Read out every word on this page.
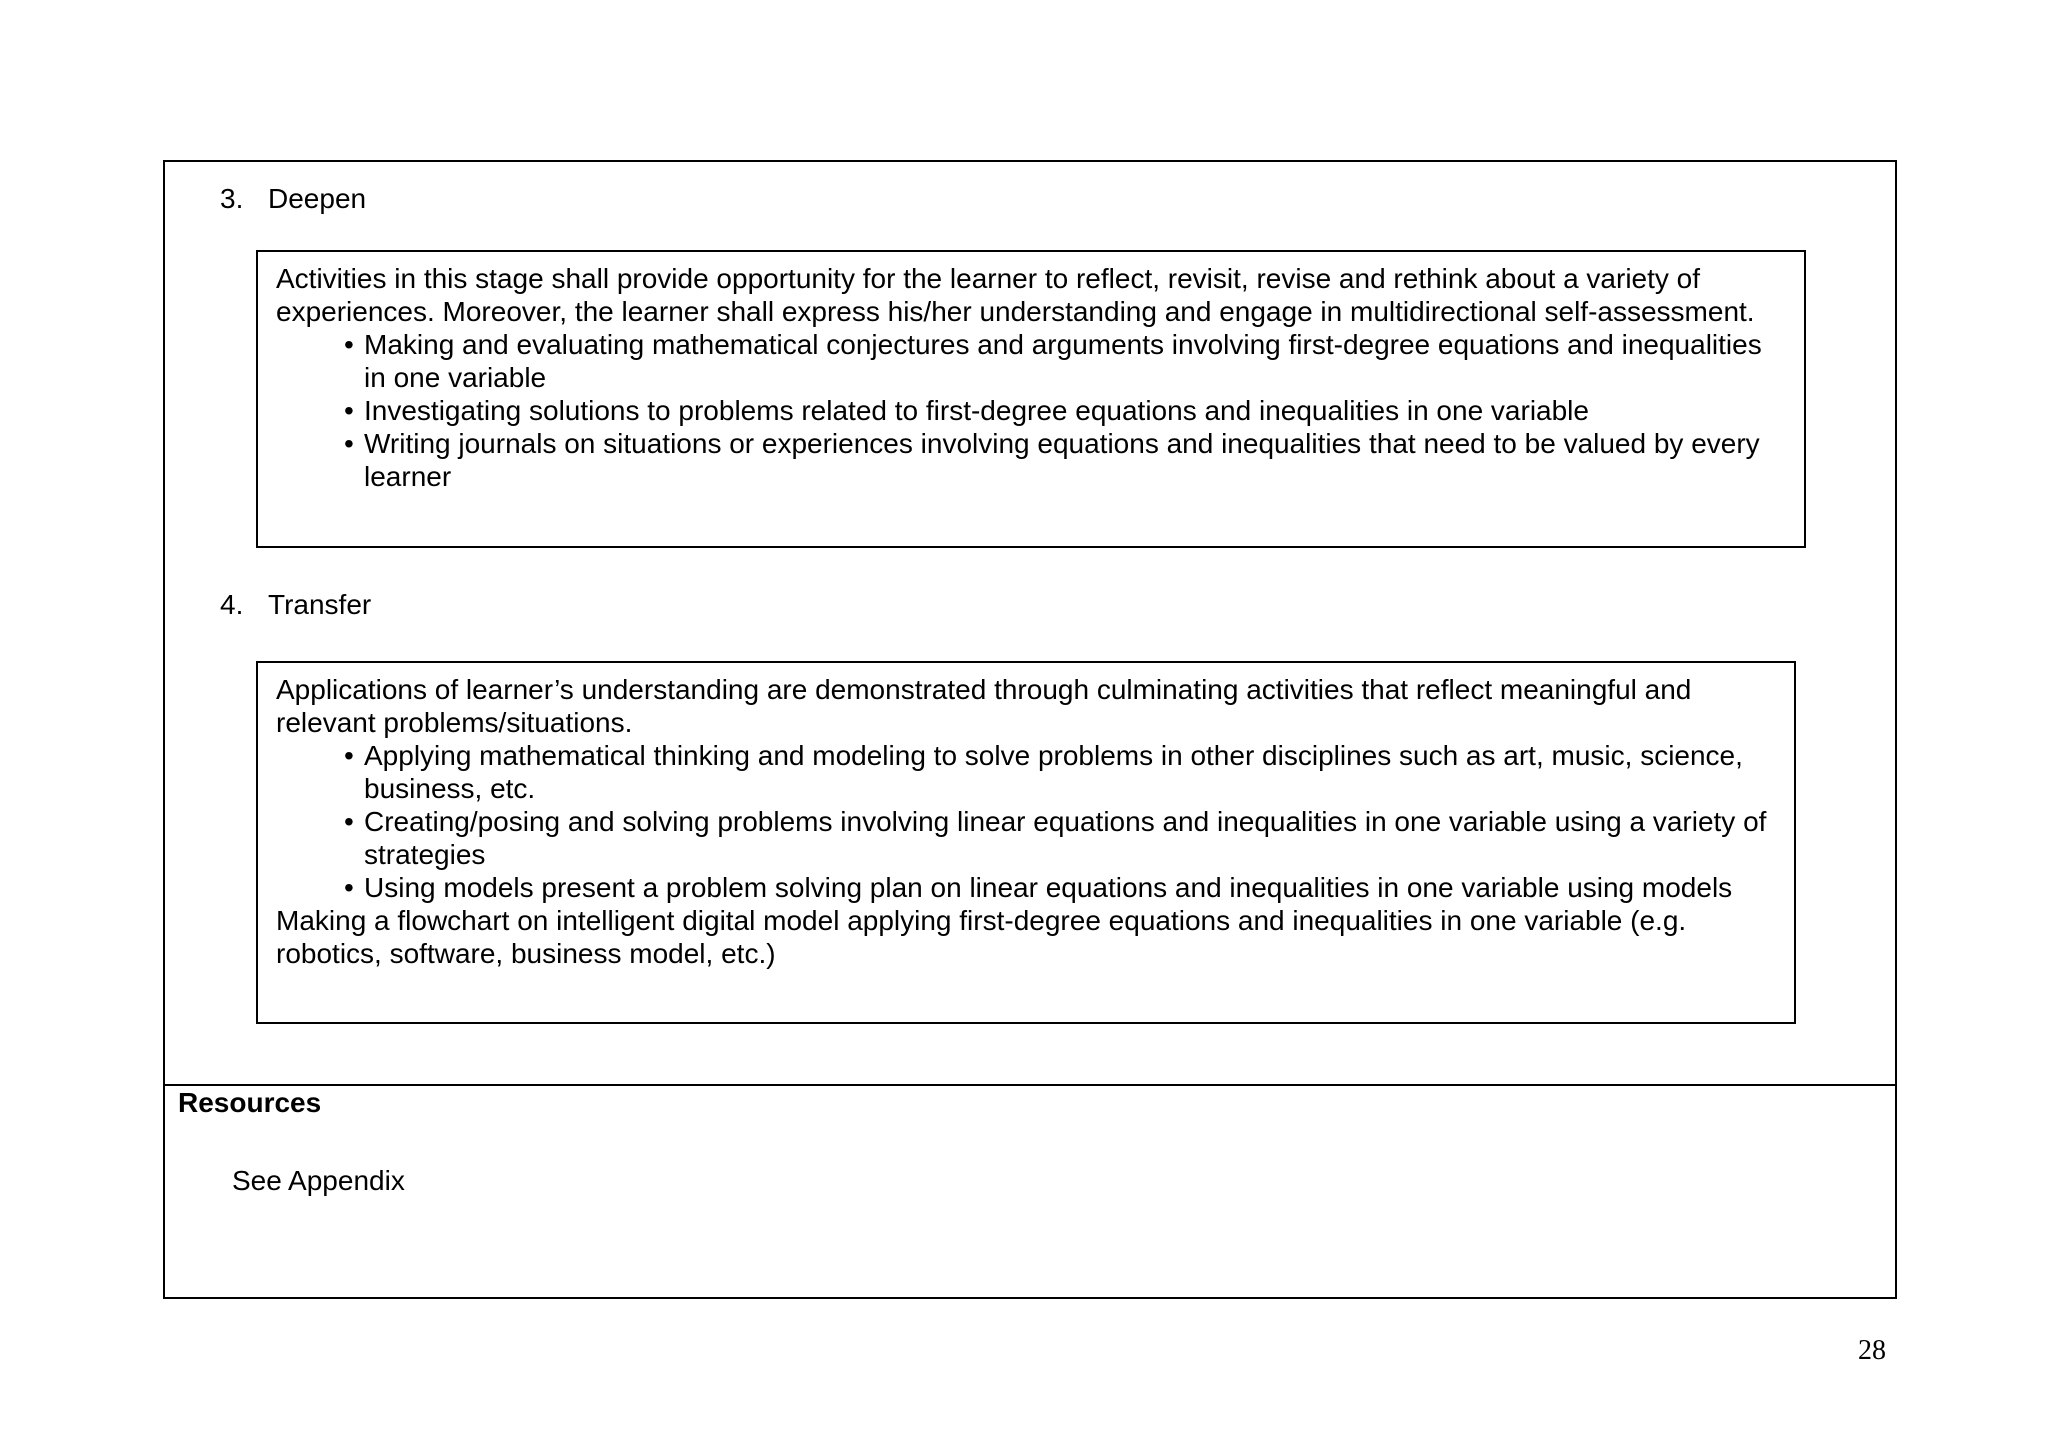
3. Deepen

Activities in this stage shall provide opportunity for the learner to reflect, revisit, revise and rethink about a variety of experiences. Moreover, the learner shall express his/her understanding and engage in multidirectional self-assessment.

• Making and evaluating mathematical conjectures and arguments involving first-degree equations and inequalities in one variable
• Investigating solutions to problems related to first-degree equations and inequalities in one variable
• Writing journals on situations or experiences involving equations and inequalities that need to be valued by every learner
4. Transfer

Applications of learner’s understanding are demonstrated through culminating activities that reflect meaningful and relevant problems/situations.

• Applying mathematical thinking and modeling to solve problems in other disciplines such as art, music, science, business, etc.
• Creating/posing and solving problems involving linear equations and inequalities in one variable using a variety of strategies
• Using models present a problem solving plan on linear equations and inequalities in one variable using models

Making a flowchart on intelligent digital model applying first-degree equations and inequalities in one variable (e.g. robotics, software, business model, etc.)

Resources
See Appendix
28
